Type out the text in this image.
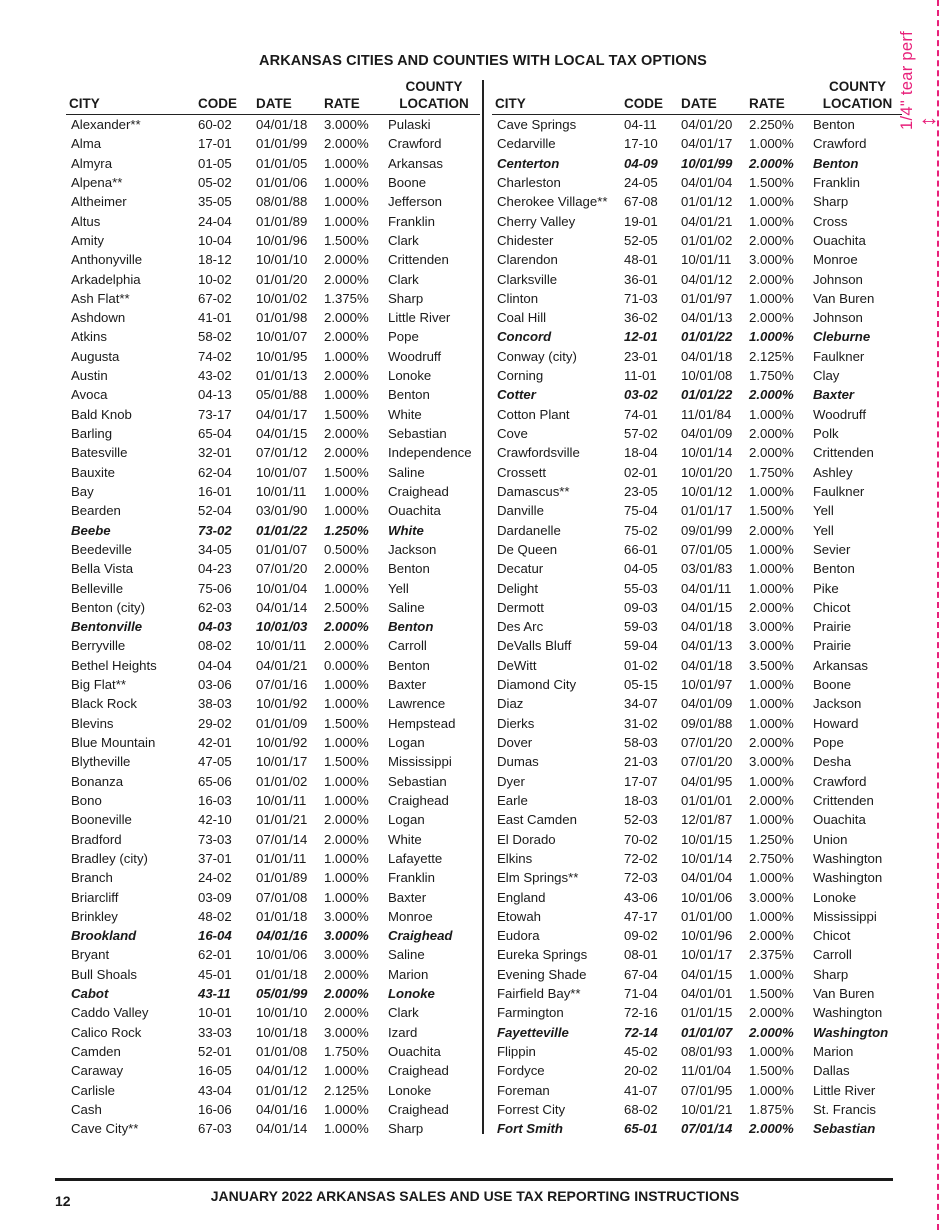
ARKANSAS CITIES AND COUNTIES WITH LOCAL TAX OPTIONS
CITY	CODE	DATE	RATE	COUNTY
LOCATION
Alexander**	60-02	04/01/18	3.000%	Pulaski
Alma	17-01	01/01/99	2.000%	Crawford
Almyra	01-05	01/01/05	1.000%	Arkansas
Alpena**	05-02	01/01/06	1.000%	Boone
Altheimer	35-05	08/01/88	1.000%	Jefferson
Altus	24-04	01/01/89	1.000%	Franklin
Amity	10-04	10/01/96	1.500%	Clark
Anthonyville	18-12	10/01/10	2.000%	Crittenden
Arkadelphia	10-02	01/01/20	2.000%	Clark
Ash Flat**	67-02	10/01/02	1.375%	Sharp
Ashdown	41-01	01/01/98	2.000%	Little River
Atkins	58-02	10/01/07	2.000%	Pope
Augusta	74-02	10/01/95	1.000%	Woodruff
Austin	43-02	01/01/13	2.000%	Lonoke
Avoca	04-13	05/01/88	1.000%	Benton
Bald Knob	73-17	04/01/17	1.500%	White
Barling	65-04	04/01/15	2.000%	Sebastian
Batesville	32-01	07/01/12	2.000%	Independence
Bauxite	62-04	10/01/07	1.500%	Saline
Bay	16-01	10/01/11	1.000%	Craighead
Bearden	52-04	03/01/90	1.000%	Ouachita
Beebe	73-02	01/01/22	1.250%	White
Beedeville	34-05	01/01/07	0.500%	Jackson
Bella Vista	04-23	07/01/20	2.000%	Benton
Belleville	75-06	10/01/04	1.000%	Yell
Benton (city)	62-03	04/01/14	2.500%	Saline
Bentonville	04-03	10/01/03	2.000%	Benton
Berryville	08-02	10/01/11	2.000%	Carroll
Bethel Heights	04-04	04/01/21	0.000%	Benton
Big Flat**	03-06	07/01/16	1.000%	Baxter
Black Rock	38-03	10/01/92	1.000%	Lawrence
Blevins	29-02	01/01/09	1.500%	Hempstead
Blue Mountain	42-01	10/01/92	1.000%	Logan
Blytheville	47-05	10/01/17	1.500%	Mississippi
Bonanza	65-06	01/01/02	1.000%	Sebastian
Bono	16-03	10/01/11	1.000%	Craighead
Booneville	42-10	01/01/21	2.000%	Logan
Bradford	73-03	07/01/14	2.000%	White
Bradley (city)	37-01	01/01/11	1.000%	Lafayette
Branch	24-02	01/01/89	1.000%	Franklin
Briarcliff	03-09	07/01/08	1.000%	Baxter
Brinkley	48-02	01/01/18	3.000%	Monroe
Brookland	16-04	04/01/16	3.000%	Craighead
Bryant	62-01	10/01/06	3.000%	Saline
Bull Shoals	45-01	01/01/18	2.000%	Marion
Cabot	43-11	05/01/99	2.000%	Lonoke
Caddo Valley	10-01	10/01/10	2.000%	Clark
Calico Rock	33-03	10/01/18	3.000%	Izard
Camden	52-01	01/01/08	1.750%	Ouachita
Caraway	16-05	04/01/12	1.000%	Craighead
Carlisle	43-04	01/01/12	2.125%	Lonoke
Cash	16-06	04/01/16	1.000%	Craighead
Cave City**	67-03	04/01/14	1.000%	Sharp
CITY	CODE	DATE	RATE	COUNTY
LOCATION
Cave Springs	04-11	04/01/20	2.250%	Benton
Cedarville	17-10	04/01/17	1.000%	Crawford
Centerton	04-09	10/01/99	2.000%	Benton
Charleston	24-05	04/01/04	1.500%	Franklin
Cherokee Village**	67-08	01/01/12	1.000%	Sharp
Cherry Valley	19-01	04/01/21	1.000%	Cross
Chidester	52-05	01/01/02	2.000%	Ouachita
Clarendon	48-01	10/01/11	3.000%	Monroe
Clarksville	36-01	04/01/12	2.000%	Johnson
Clinton	71-03	01/01/97	1.000%	Van Buren
Coal Hill	36-02	04/01/13	2.000%	Johnson
Concord	12-01	01/01/22	1.000%	Cleburne
Conway (city)	23-01	04/01/18	2.125%	Faulkner
Corning	11-01	10/01/08	1.750%	Clay
Cotter	03-02	01/01/22	2.000%	Baxter
Cotton Plant	74-01	11/01/84	1.000%	Woodruff
Cove	57-02	04/01/09	2.000%	Polk
Crawfordsville	18-04	10/01/14	2.000%	Crittenden
Crossett	02-01	10/01/20	1.750%	Ashley
Damascus**	23-05	10/01/12	1.000%	Faulkner
Danville	75-04	01/01/17	1.500%	Yell
Dardanelle	75-02	09/01/99	2.000%	Yell
De Queen	66-01	07/01/05	1.000%	Sevier
Decatur	04-05	03/01/83	1.000%	Benton
Delight	55-03	04/01/11	1.000%	Pike
Dermott	09-03	04/01/15	2.000%	Chicot
Des Arc	59-03	04/01/18	3.000%	Prairie
DeValls Bluff	59-04	04/01/13	3.000%	Prairie
DeWitt	01-02	04/01/18	3.500%	Arkansas
Diamond City	05-15	10/01/97	1.000%	Boone
Diaz	34-07	04/01/09	1.000%	Jackson
Dierks	31-02	09/01/88	1.000%	Howard
Dover	58-03	07/01/20	2.000%	Pope
Dumas	21-03	07/01/20	3.000%	Desha
Dyer	17-07	04/01/95	1.000%	Crawford
Earle	18-03	01/01/01	2.000%	Crittenden
East Camden	52-03	12/01/87	1.000%	Ouachita
El Dorado	70-02	10/01/15	1.250%	Union
Elkins	72-02	10/01/14	2.750%	Washington
Elm Springs**	72-03	04/01/04	1.000%	Washington
England	43-06	10/01/06	3.000%	Lonoke
Etowah	47-17	01/01/00	1.000%	Mississippi
Eudora	09-02	10/01/96	2.000%	Chicot
Eureka Springs	08-01	10/01/17	2.375%	Carroll
Evening Shade	67-04	04/01/15	1.000%	Sharp
Fairfield Bay**	71-04	04/01/01	1.500%	Van Buren
Farmington	72-16	01/01/15	2.000%	Washington
Fayetteville	72-14	01/01/07	2.000%	Washington
Flippin	45-02	08/01/93	1.000%	Marion
Fordyce	20-02	11/01/04	1.500%	Dallas
Foreman	41-07	07/01/95	1.000%	Little River
Forrest City	68-02	10/01/21	1.875%	St. Francis
Fort Smith	65-01	07/01/14	2.000%	Sebastian
12	JANUARY 2022 ARKANSAS SALES AND USE TAX REPORTING INSTRUCTIONS
1/4" tear perf ↔
